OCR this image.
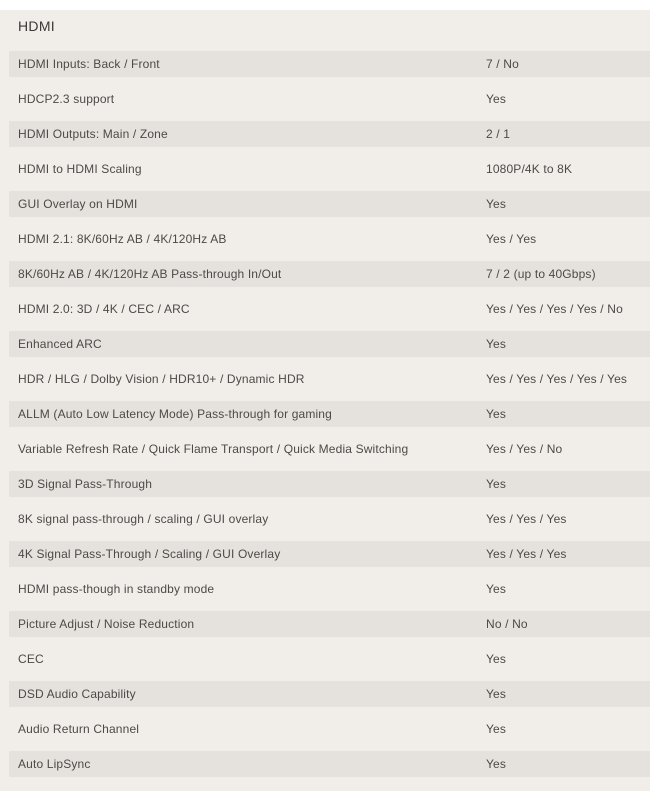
HDMI
HDMI Inputs: Back / Front	7 / No
HDCP2.3 support	Yes
HDMI Outputs: Main / Zone	2 / 1
HDMI to HDMI Scaling	1080P/4K to 8K
GUI Overlay on HDMI	Yes
HDMI 2.1: 8K/60Hz AB / 4K/120Hz AB	Yes / Yes
8K/60Hz AB / 4K/120Hz AB Pass-through In/Out	7 / 2 (up to 40Gbps)
HDMI 2.0: 3D / 4K / CEC / ARC	Yes / Yes / Yes / Yes / No
Enhanced ARC	Yes
HDR / HLG / Dolby Vision / HDR10+ / Dynamic HDR	Yes / Yes / Yes / Yes / Yes
ALLM (Auto Low Latency Mode) Pass-through for gaming	Yes
Variable Refresh Rate / Quick Flame Transport / Quick Media Switching	Yes / Yes / No
3D Signal Pass-Through	Yes
8K signal pass-through / scaling / GUI overlay	Yes / Yes / Yes
4K Signal Pass-Through / Scaling / GUI Overlay	Yes / Yes / Yes
HDMI pass-though in standby mode	Yes
Picture Adjust / Noise Reduction	No / No
CEC	Yes
DSD Audio Capability	Yes
Audio Return Channel	Yes
Auto LipSync	Yes
